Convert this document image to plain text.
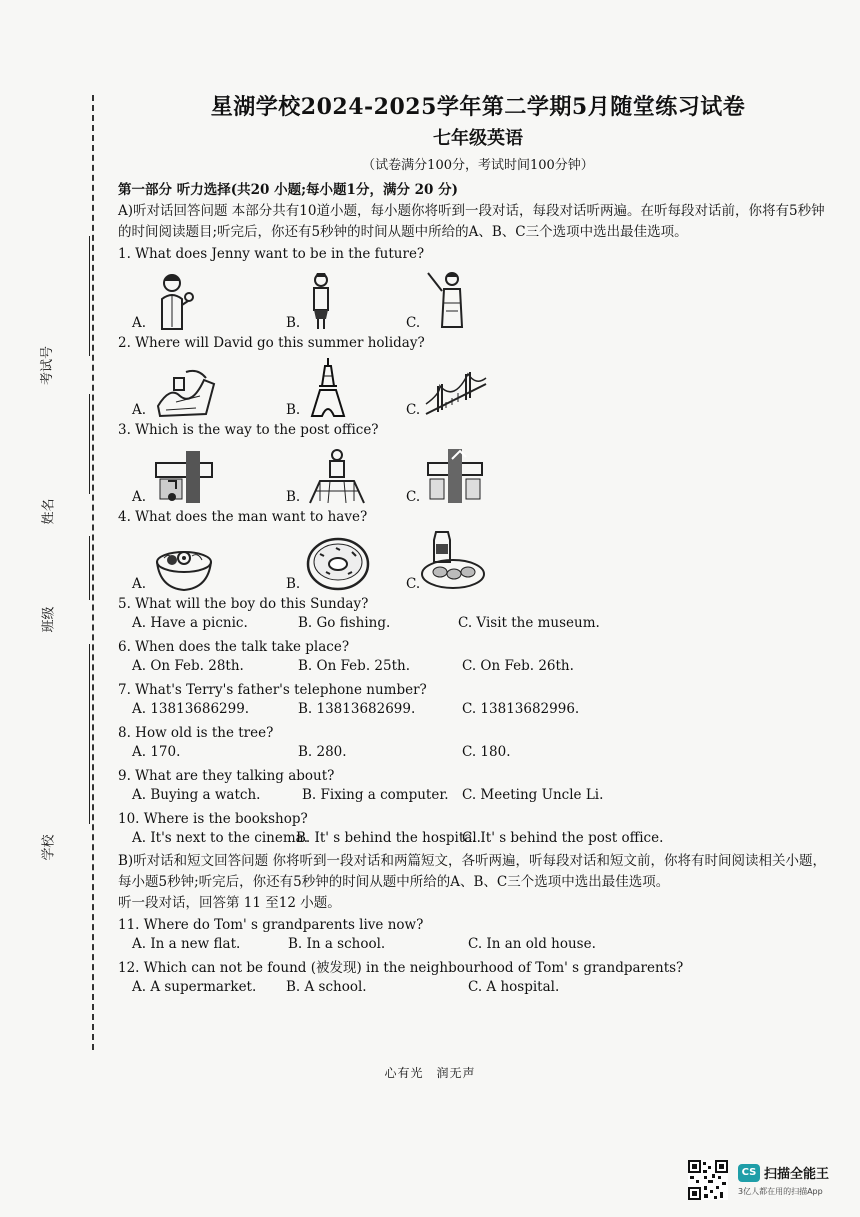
考试号
姓名
班级
学校
星湖学校2024-2025学年第二学期5月随堂练习试卷
七年级英语
（试卷满分100分，考试时间100分钟）

第一部分 听力选择(共20 小题;每小题1分，满分 20 分)

A)听对话回答问题 本部分共有10道小题，每小题你将听到一段对话，每段对话听两遍。在听每段对话前，你将有5秒钟的时间阅读题目;听完后，你还有5秒钟的时间从题中所给的A、B、C三个选项中选出最佳选项。

1. What does Jenny want to be in the future?

A.	B.	C.

2. Where will David go this summer holiday?

A.	B.	C.

3. Which is the way to the post office?

A.	B.	C.

4. What does the man want to have?

A.	B.	C.

5. What will the boy do this Sunday?

A. Have a picnic.	B. Go fishing.	C. Visit the museum.

6. When does the talk take place?

A. On Feb. 28th.	B. On Feb. 25th.	C. On Feb. 26th.

7. What's Terry's father's telephone number?

A. 13813686299.	B. 13813682699.	C. 13813682996.

8. How old is the tree?

A. 170.	B. 280.	C. 180.

9. What are they talking about?

A. Buying a watch.	B. Fixing a computer. C. Meeting Uncle Li.

10. Where is the bookshop?

A. It's next to the cinema.
B. It' s behind the hospital.
C. It' s behind the post office.

B)听对话和短文回答问题 你将听到一段对话和两篇短文，各听两遍，听每段对话和短文前，你将有时间阅读相关小题，每小题5秒钟;听完后，你还有5秒钟的时间从题中所给的A、B、C三个选项中选出最佳选项。

听一段对话，回答第 11 至12 小题。

11. Where do Tom' s grandparents live now?

A. In a new flat.	B. In a school.	C. In an old house.

12. Which can not be found (被发现) in the neighbourhood of Tom' s grandparents?

A. A supermarket. B. A school.	C. A hospital.
心有光　润无声
CS 扫描全能王
3亿人都在用的扫描App
